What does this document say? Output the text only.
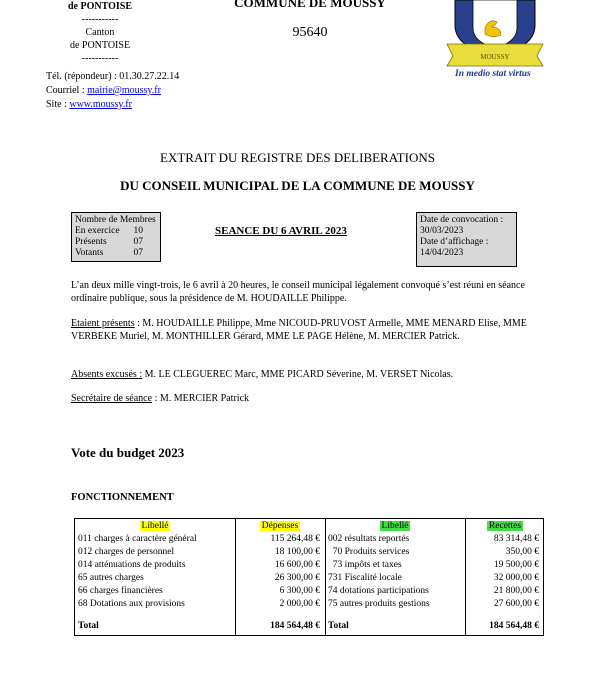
de PONTOISE
-----------
Canton
de PONTOISE
-----------
Tél. (répondeur) : 01.30.27.22.14
Courriel : mairie@moussy.fr
Site : www.moussy.fr
COMMUNE DE MOUSSY
95640
MOUSSY
In medio stat virtus
EXTRAIT DU REGISTRE DES DELIBERATIONS
DU CONSEIL MUNICIPAL DE LA COMMUNE DE MOUSSY
Nombre de Membres
En exercice 10
Présents	07
Votants	07
SEANCE DU 6 AVRIL 2023
Date de convocation :
30/03/2023
Date d’affichage :
14/04/2023
L’an deux mille vingt-trois, le 6 avril à 20 heures, le conseil municipal légalement convoqué s’est réuni en séance ordinaire publique, sous la présidence de M. HOUDAILLE Philippe.
Etaient présents : M. HOUDAILLE Philippe, Mme NICOUD-PRUVOST Armelle, MME MENARD Elise, MME VERBEKE Muriel, M. MONTHILLER Gérard, MME LE PAGE Hélène, M. MERCIER Patrick.
Absents excusés : M. LE CLEGUEREC Marc, MME PICARD Séverine, M. VERSET Nicolas.
Secrétaire de séance : M. MERCIER Patrick
Vote du budget 2023
FONCTIONNEMENT
Libellé	Dépenses	Libellé	Recettes
011 charges à caractère général	115 264,48 € 002 résultats reportés	83 314,48 €
012 charges de personnel	18 100,00 € 70 Produits services	350,00 €
014 atténuations de produits	16 600,00 € 73 impôts et taxes	19 500,00 €
65 autres charges	26 300,00 € 731 Fiscalité locale	32 000,00 €
66 charges financières	6 300,00 € 74 dotations participations	21 800,00 €
68 Dotations aux provisions	2 000,00 € 75 autres produits gestions	27 600,00 €
Total	184 564,48 € Total	184 564,48 €
